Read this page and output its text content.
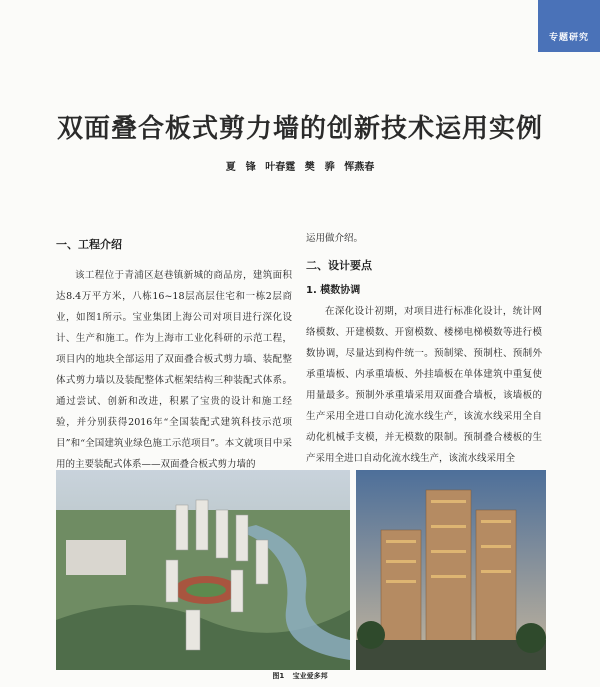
专题研究
双面叠合板式剪力墙的创新技术运用实例
夏　锋 叶春霆 樊　骅 恽燕春
一、工程介绍

该工程位于青浦区赵巷镇新城的商品房，建筑面积达8.4万平方米，八栋16~18层高层住宅和一栋2层商业，如图1所示。宝业集团上海公司对项目进行深化设计、生产和施工。作为上海市工业化科研的示范工程，项目内的地块全部运用了双面叠合板式剪力墙、装配整体式剪力墙以及装配整体式框架结构三种装配式体系。通过尝试、创新和改进，积累了宝贵的设计和施工经验，并分别获得2016年“全国装配式建筑科技示范项目”和“全国建筑业绿色施工示范项目”。本文就项目中采用的主要装配式体系——双面叠合板式剪力墙的

运用做介绍。

二、设计要点
1. 模数协调

在深化设计初期，对项目进行标准化设计，统计网络模数、开建模数、开窗模数、楼梯电梯模数等进行模数协调，尽量达到构件统一。预制梁、预制柱、预制外承重墙板、内承重墙板、外挂墙板在单体建筑中重复使用量最多。预制外承重墙采用双面叠合墙板，该墙板的生产采用全进口自动化流水线生产，该流水线采用全自动化机械手支模，并无模数的限制。预制叠合楼板的生产采用全进口自动化流水线生产，该流水线采用全

图1 宝业爱多邦
